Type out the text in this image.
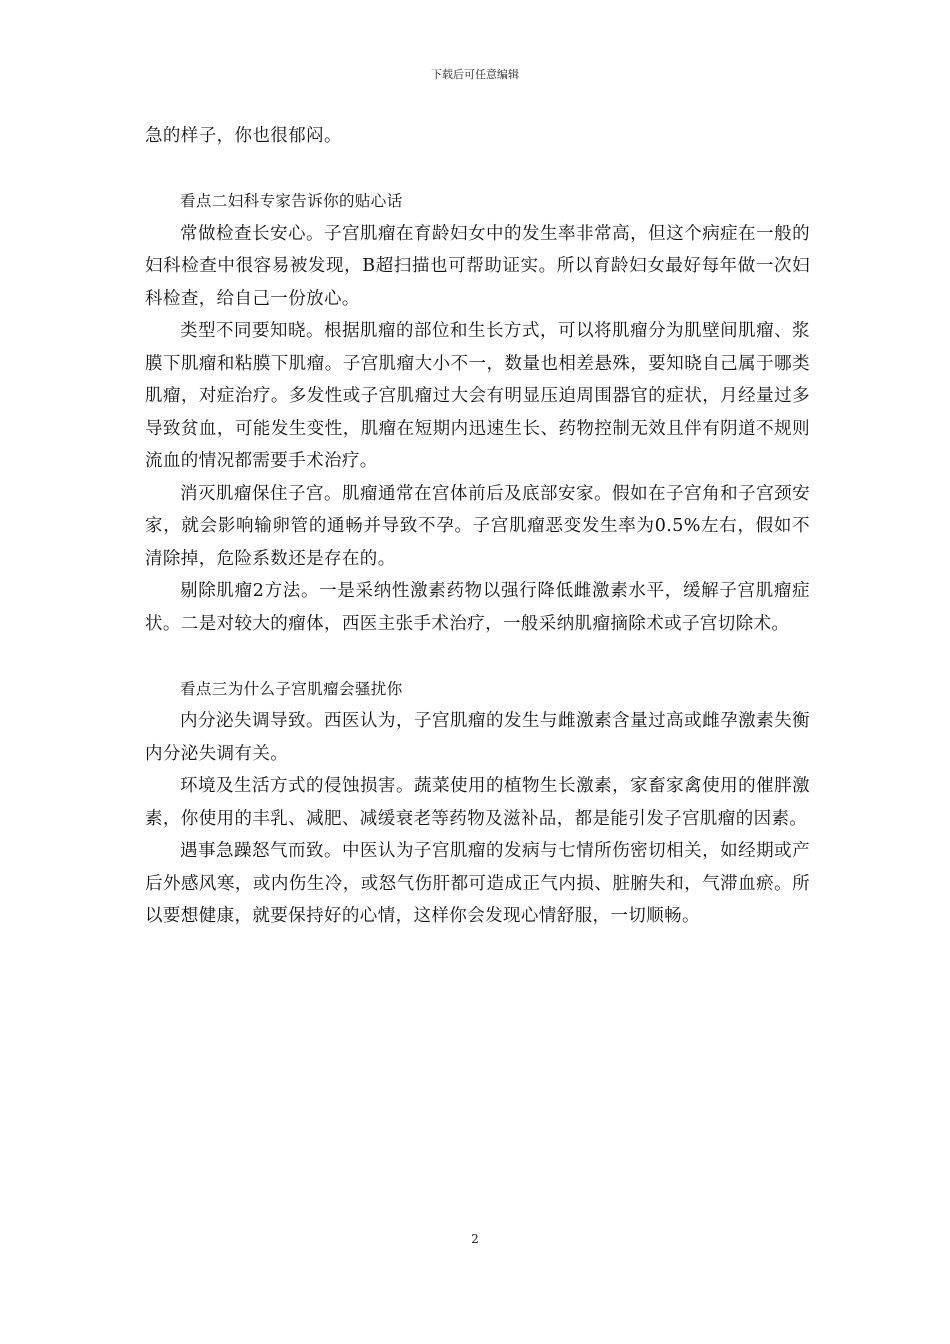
下载后可任意编辑

急的样子，你也很郁闷。

看点二妇科专家告诉你的贴心话

常做检查长安心。子宫肌瘤在育龄妇女中的发生率非常高，但这个病症在一般的妇科检查中很容易被发现，B超扫描也可帮助证实。所以育龄妇女最好每年做一次妇科检查，给自己一份放心。

类型不同要知晓。根据肌瘤的部位和生长方式，可以将肌瘤分为肌壁间肌瘤、浆膜下肌瘤和粘膜下肌瘤。子宫肌瘤大小不一，数量也相差悬殊，要知晓自己属于哪类肌瘤，对症治疗。多发性或子宫肌瘤过大会有明显压迫周围器官的症状，月经量过多导致贫血，可能发生变性，肌瘤在短期内迅速生长、药物控制无效且伴有阴道不规则流血的情况都需要手术治疗。

消灭肌瘤保住子宫。肌瘤通常在宫体前后及底部安家。假如在子宫角和子宫颈安家，就会影响输卵管的通畅并导致不孕。子宫肌瘤恶变发生率为0.5%左右，假如不清除掉，危险系数还是存在的。

剔除肌瘤2方法。一是采纳性激素药物以强行降低雌激素水平，缓解子宫肌瘤症状。二是对较大的瘤体，西医主张手术治疗，一般采纳肌瘤摘除术或子宫切除术。

看点三为什么子宫肌瘤会骚扰你

内分泌失调导致。西医认为，子宫肌瘤的发生与雌激素含量过高或雌孕激素失衡内分泌失调有关。

环境及生活方式的侵蚀损害。蔬菜使用的植物生长激素，家畜家禽使用的催胖激素，你使用的丰乳、减肥、减缓衰老等药物及滋补品，都是能引发子宫肌瘤的因素。

遇事急躁怒气而致。中医认为子宫肌瘤的发病与七情所伤密切相关，如经期或产后外感风寒，或内伤生冷，或怒气伤肝都可造成正气内损、脏腑失和，气滞血瘀。所以要想健康，就要保持好的心情，这样你会发现心情舒服，一切顺畅。

2
